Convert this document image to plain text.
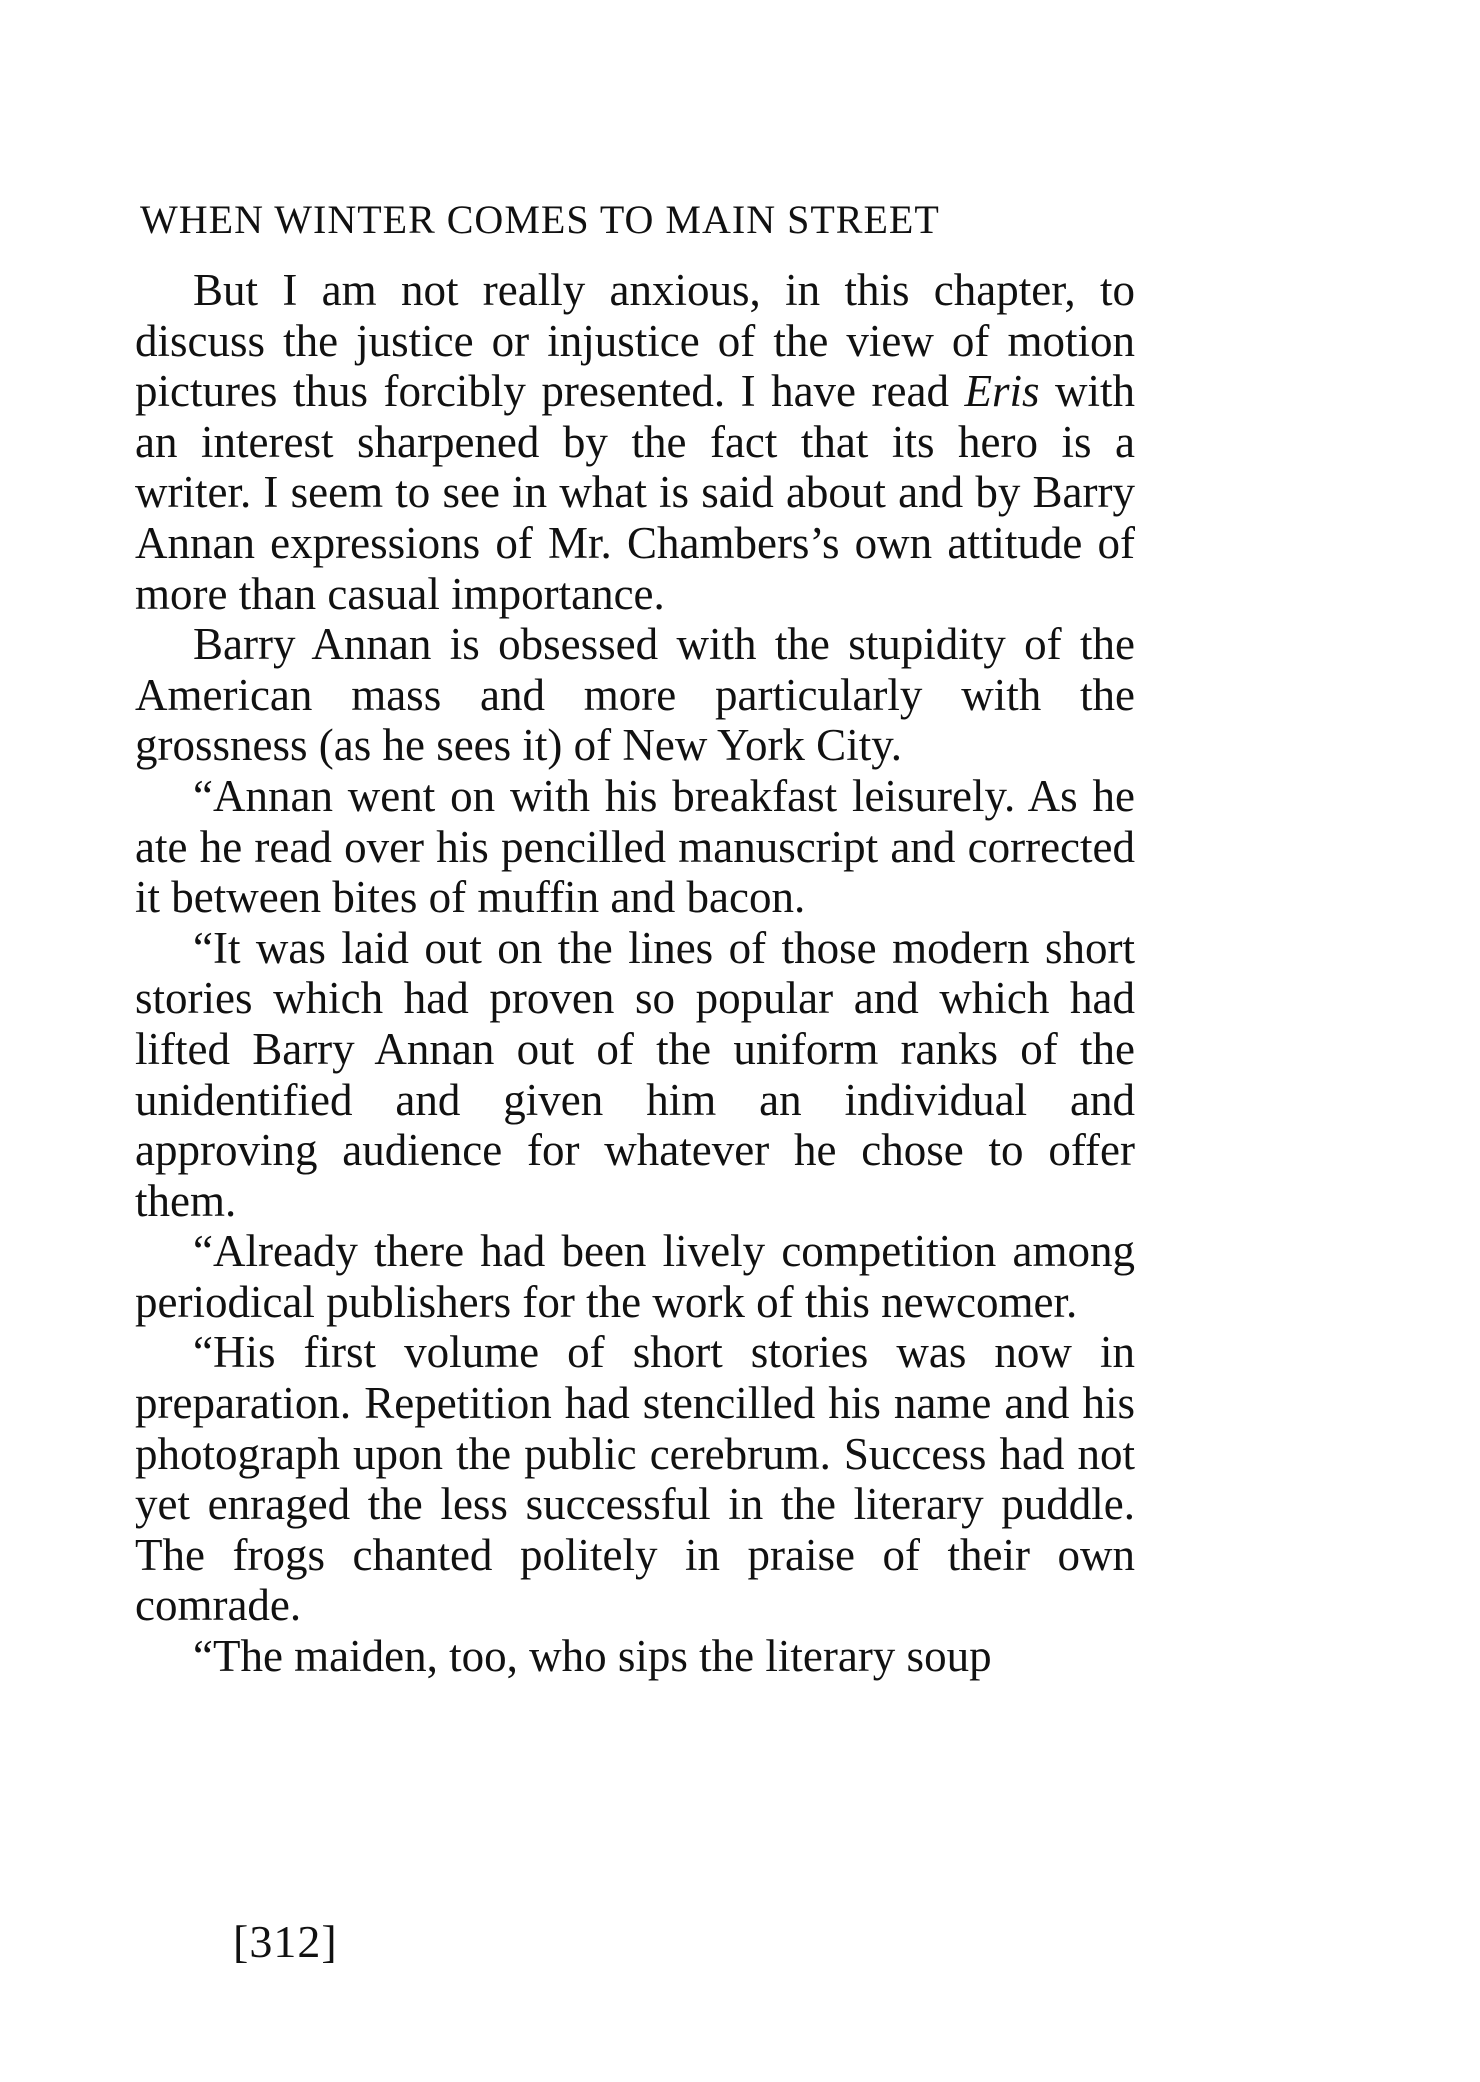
WHEN WINTER COMES TO MAIN STREET

But I am not really anxious, in this chapter, to discuss the justice or injustice of the view of motion pictures thus forcibly presented. I have read Eris with an interest sharpened by the fact that its hero is a writer. I seem to see in what is said about and by Barry Annan expressions of Mr. Chambers’s own attitude of more than casual importance.

Barry Annan is obsessed with the stupidity of the American mass and more particularly with the grossness (as he sees it) of New York City.

“Annan went on with his breakfast leisurely. As he ate he read over his pencilled manuscript and corrected it between bites of muffin and bacon.

“It was laid out on the lines of those modern short stories which had proven so popular and which had lifted Barry Annan out of the uniform ranks of the unidentified and given him an individual and approving audience for whatever he chose to offer them.

“Already there had been lively competition among periodical publishers for the work of this newcomer.

“His first volume of short stories was now in preparation. Repetition had stencilled his name and his photograph upon the public cerebrum. Success had not yet enraged the less successful in the literary puddle. The frogs chanted politely in praise of their own comrade.

“The maiden, too, who sips the literary soup

[312]
